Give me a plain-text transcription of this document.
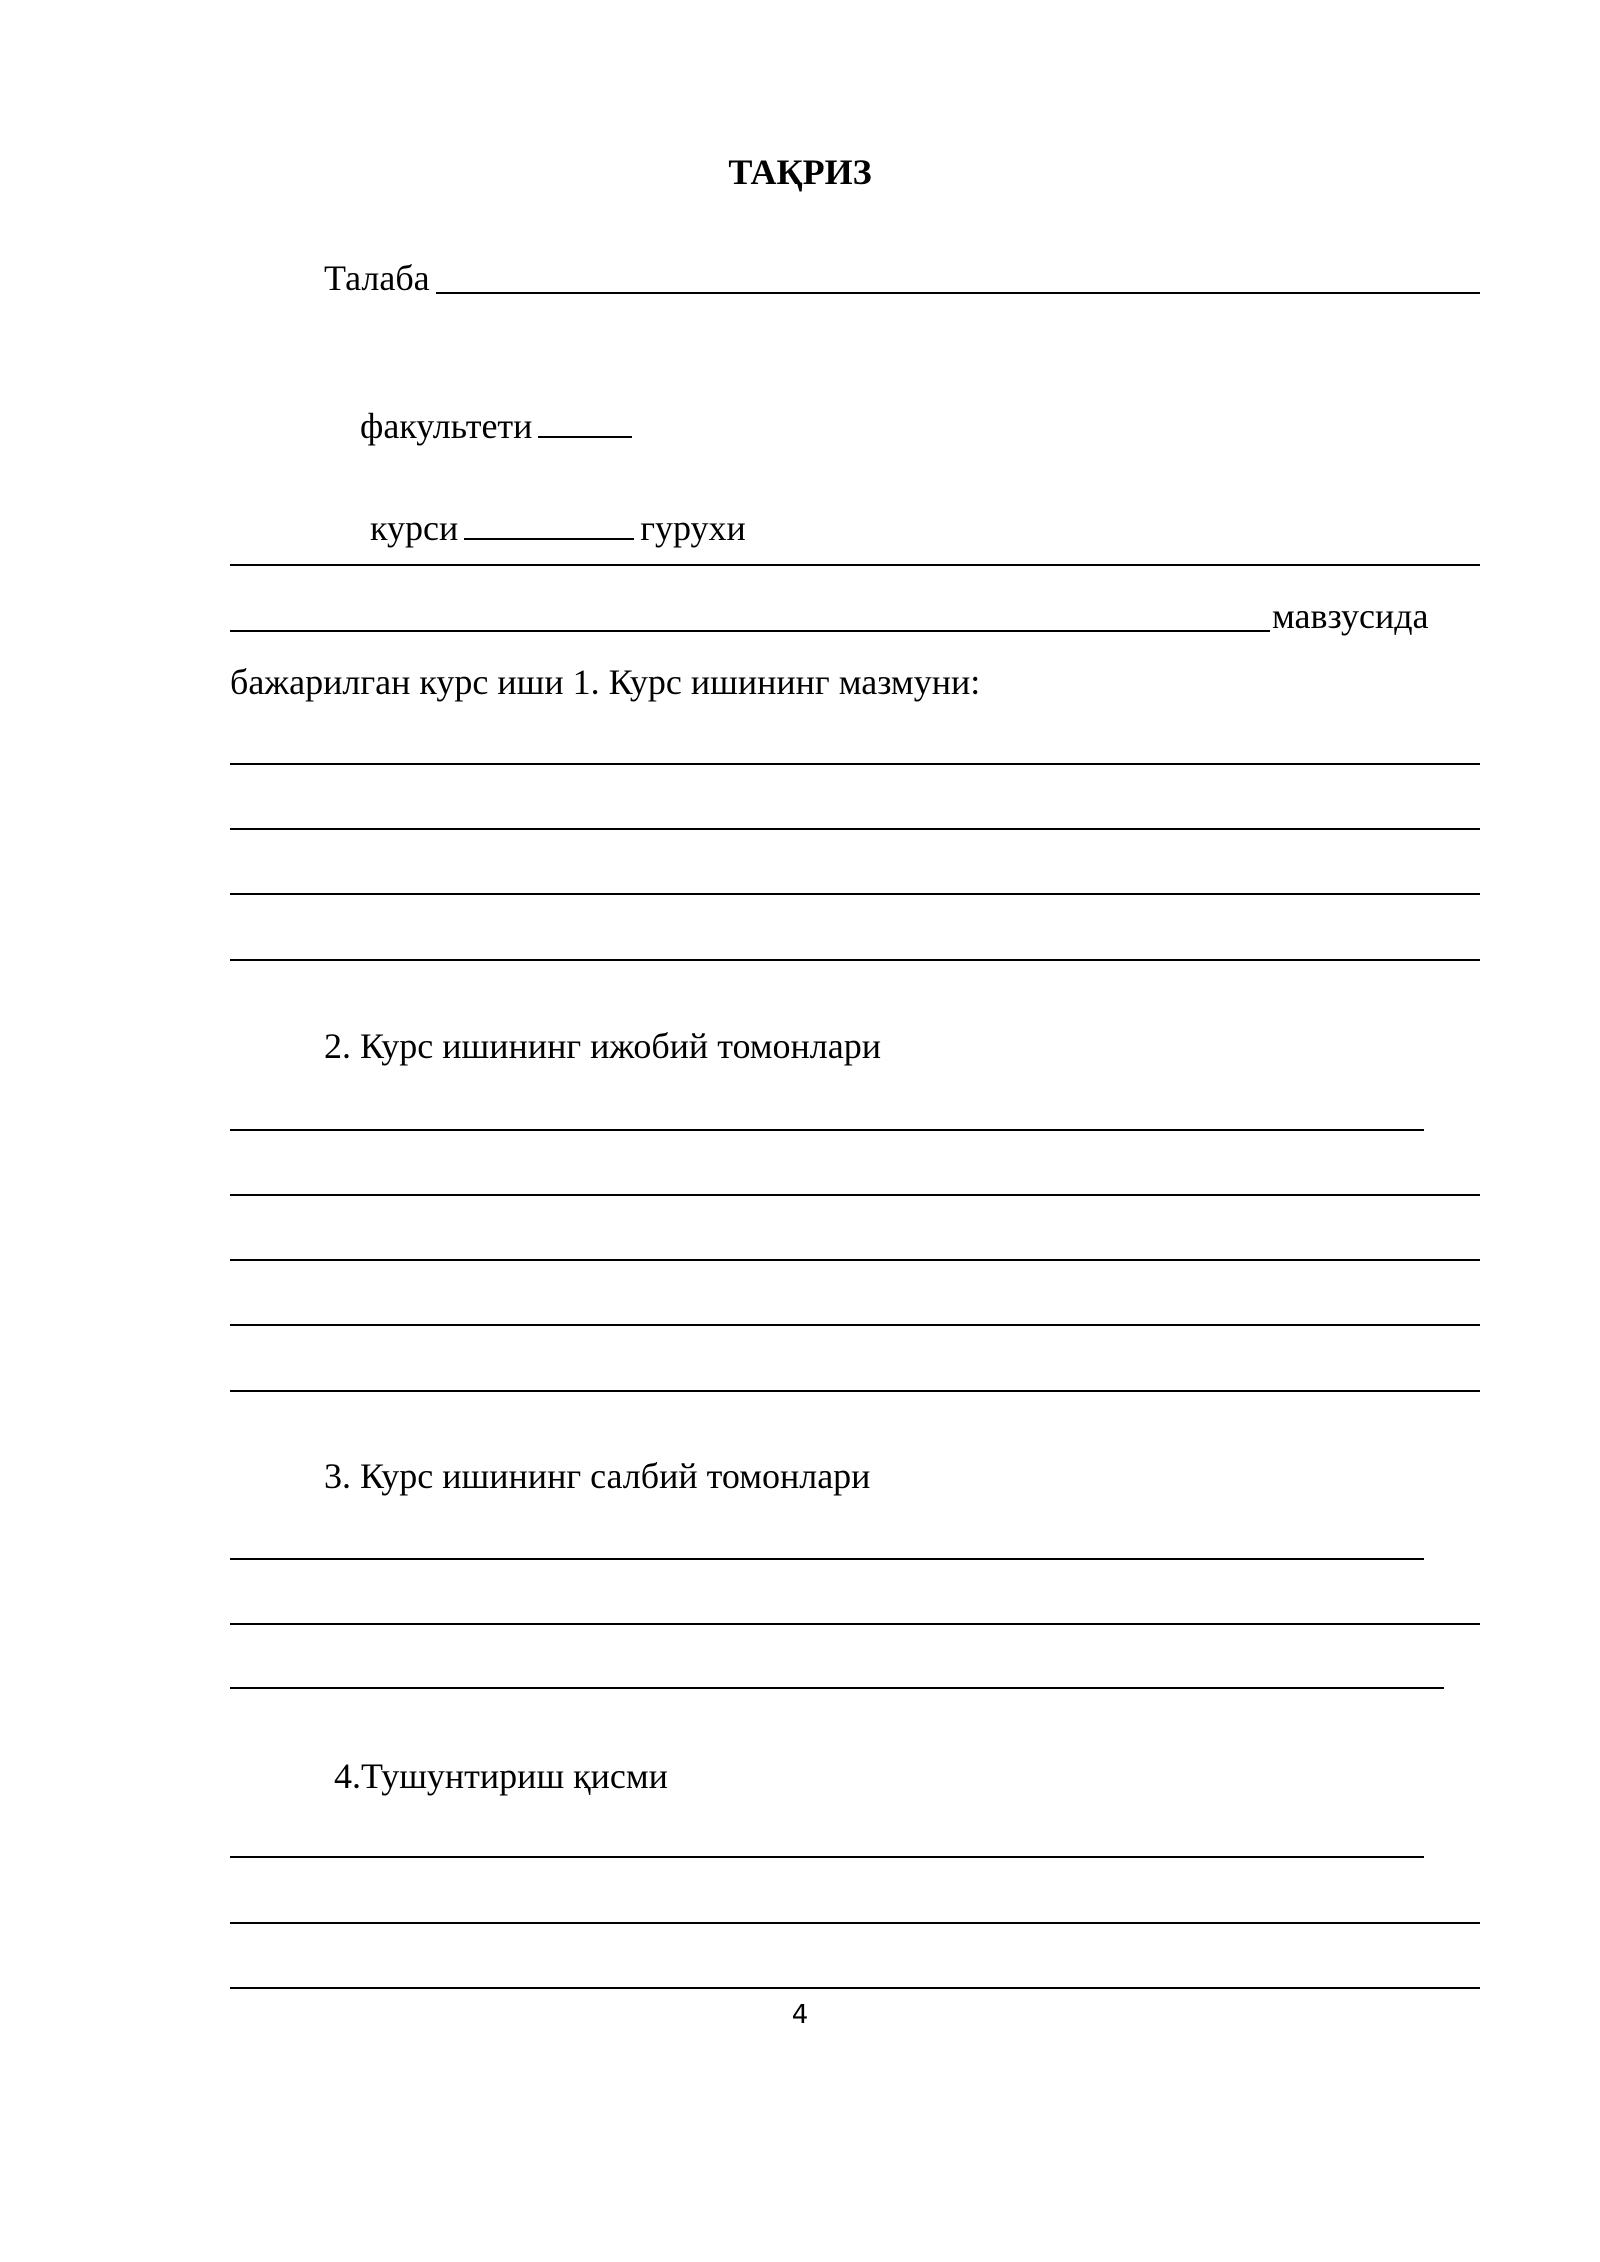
ТАҚРИЗ
Талаба

факультети

курси	гурухи

мавзусида
бажарилган курс иши 1. Курс ишининг мазмуни:
2. Курс ишининг ижобий томонлари
3. Курс ишининг салбий томонлари
4.Тушунтириш қисми
4
